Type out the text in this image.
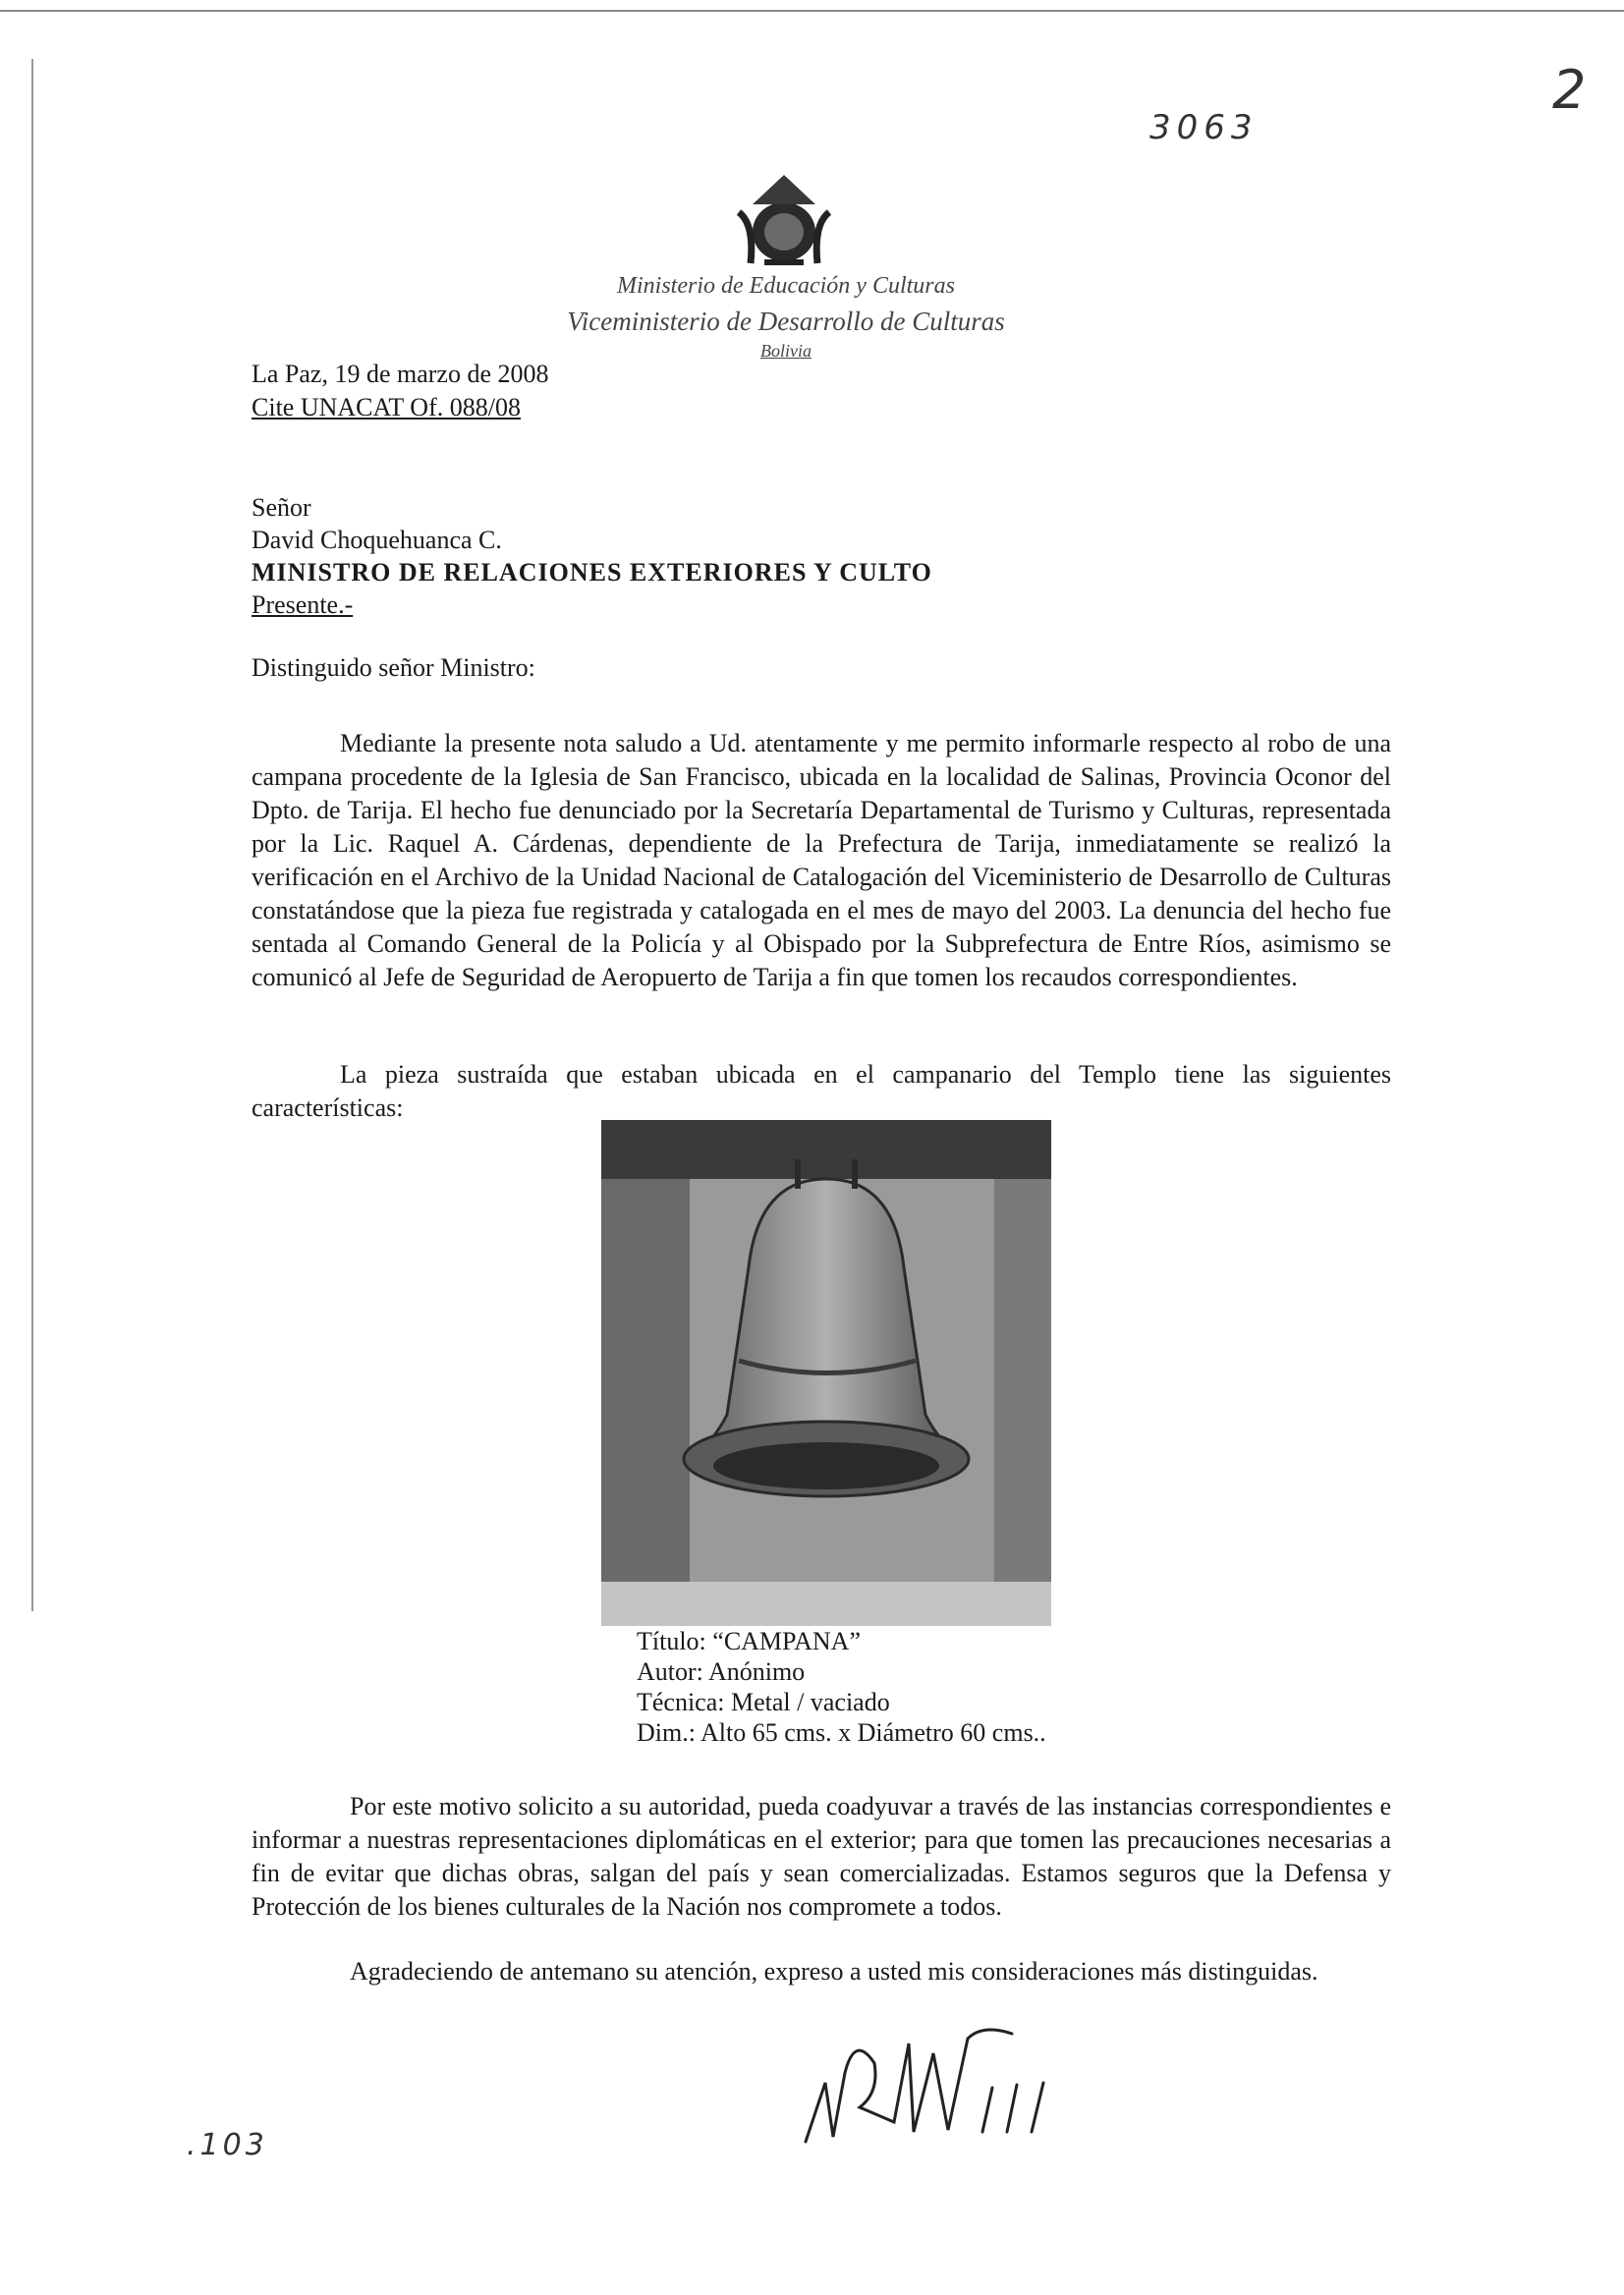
3063
2
Ministerio de Educación y Culturas
Viceministerio de Desarrollo de Culturas
Bolivia
La Paz, 19 de marzo de 2008
Cite UNACAT Of. 088/08
Señor
David Choquehuanca C.
MINISTRO DE RELACIONES EXTERIORES Y CULTO
Presente.-
Distinguido señor Ministro:
Mediante la presente nota saludo a Ud. atentamente y me permito informarle respecto al robo de una campana procedente de la Iglesia de San Francisco, ubicada en la localidad de Salinas, Provincia Oconor del Dpto. de Tarija. El hecho fue denunciado por la Secretaría Departamental de Turismo y Culturas, representada por la Lic. Raquel A. Cárdenas, dependiente de la Prefectura de Tarija, inmediatamente se realizó la verificación en el Archivo de la Unidad Nacional de Catalogación del Viceministerio de Desarrollo de Culturas constatándose que la pieza fue registrada y catalogada en el mes de mayo del 2003. La denuncia del hecho fue sentada al Comando General de la Policía y al Obispado por la Subprefectura de Entre Ríos, asimismo se comunicó al Jefe de Seguridad de Aeropuerto de Tarija a fin que tomen los recaudos correspondientes.
La pieza sustraída que estaban ubicada en el campanario del Templo tiene las siguientes características:
Título: “CAMPANA”
Autor: Anónimo
Técnica: Metal / vaciado
Dim.: Alto 65 cms. x Diámetro 60 cms..
Por este motivo solicito a su autoridad, pueda coadyuvar a través de las instancias correspondientes e informar a nuestras representaciones diplomáticas en el exterior; para que tomen las precauciones necesarias a fin de evitar que dichas obras, salgan del país y sean comercializadas. Estamos seguros que la Defensa y Protección de los bienes culturales de la Nación nos compromete a todos.
Agradeciendo de antemano su atención, expreso a usted mis consideraciones más distinguidas.
.103
